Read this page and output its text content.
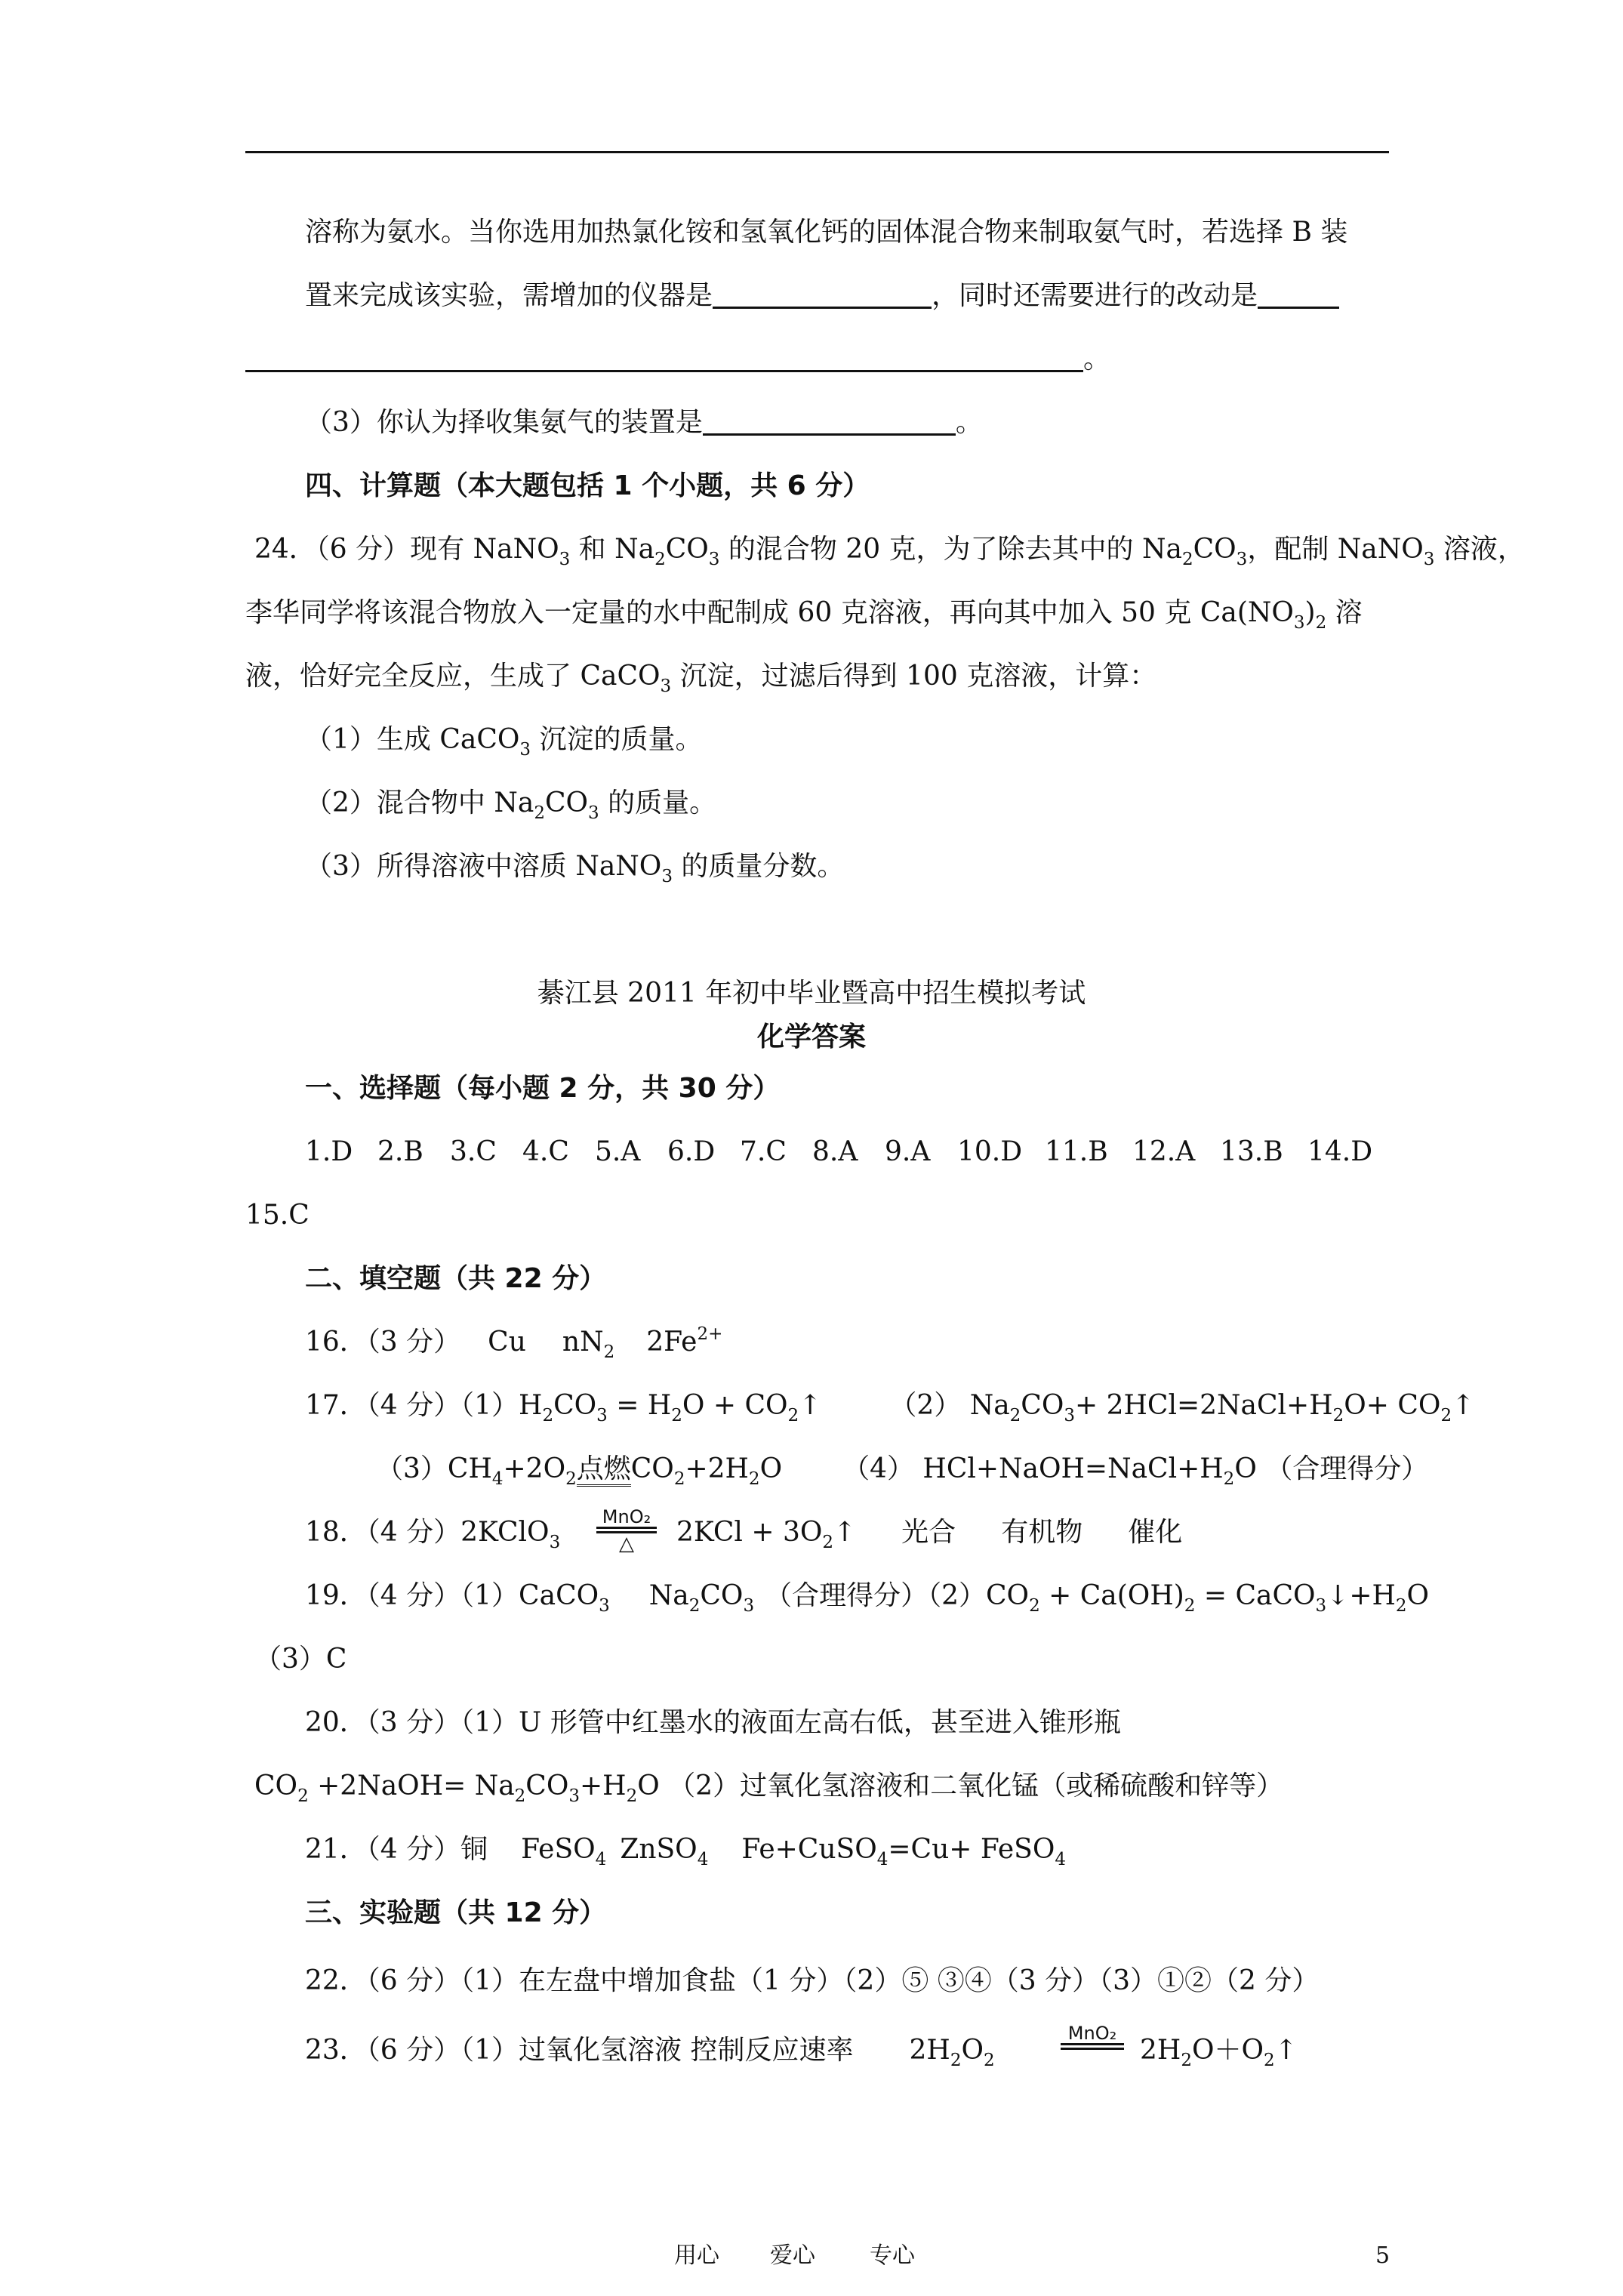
溶称为氨水。当你选用加热氯化铵和氢氧化钙的固体混合物来制取氨气时，若选择 B 装
置来完成该实验，需增加的仪器是	，同时还需要进行的改动是
。
（3）你认为择收集氨气的装置是	。
四、计算题（本大题包括 1 个小题，共 6 分）
24．（6 分）现有 NaNO$_3$ 和 $Na_2CO_3$ 的混合物 20 克，为了除去其中的 $Na_2CO_3$，配制 NaNO$_3$ 溶液，
李华同学将该混合物放入一定量的水中配制成 60 克溶液，再向其中加入 50 克 $Ca(NO_3)_2$ 溶
液，恰好完全反应，生成了 CaCO$_3$ 沉淀，过滤后得到 100 克溶液，计算：
（1）生成 CaCO$_3$ 沉淀的质量。
（2）混合物中 $Na_2CO_3$ 的质量。
（3）所得溶液中溶质 NaNO$_3$ 的质量分数。
綦江县 2011 年初中毕业暨高中招生模拟考试
化学答案
一、选择题（每小题 2 分，共 30 分）
1.D 2.B 3.C 4.C 5.A 6.D 7.C 8.A 9.A 10.D 11.B 12.A 13.B 14.D
15.C
二、填空题（共 22 分）
16．（3 分） Cu $nN_2$ $2Fe^{2+}$
17．（4 分）$(1)H_2CO_3 = H_2O$ + $CO_2↑$	（2） $Na_2CO_3+$ $2HCl=2NaCl+H_2O+$ $CO_2↑$
$(3)CH_4+2O_2$点燃$CO_2+2H_2O$ （4） $HCl+NaOH=NaCl+H_2O$ （合理得分）
18．（4 分）2KClO$_3$
MnO₂
△	$2KCl + 3O_2↑$ 光合 有机物 催化
19．（4 分）（1）CaCO$_3$ $Na_2CO_3$ （合理得分）$(2)CO_2 + Ca(OH)_2$ = $CaCO_3↓+H_2O$
（3）C
20．（3 分）（1）U 形管中红墨水的液面左高右低，甚至进入锥形瓶
$CO_2$ +2NaOH= $Na_2CO_3+H_2O$ （2）过氧化氢溶液和二氧化锰（或稀硫酸和锌等）
21．（4 分）铜 FeSO$_4$ ZnSO$_4$ Fe+CuSO$_4$=Cu+ FeSO$_4$
三、实验题（共 12 分）
22．（6 分）（1）在左盘中增加食盐（1 分）（2）⑤ ③④（3 分）（3）①②（2 分）
23．（6 分）（1）过氧化氢溶液 控制反应速率 $2H_2O_2$
MnO₂
$2H_2O+O_2↑$
用心 爱心 专心	5
